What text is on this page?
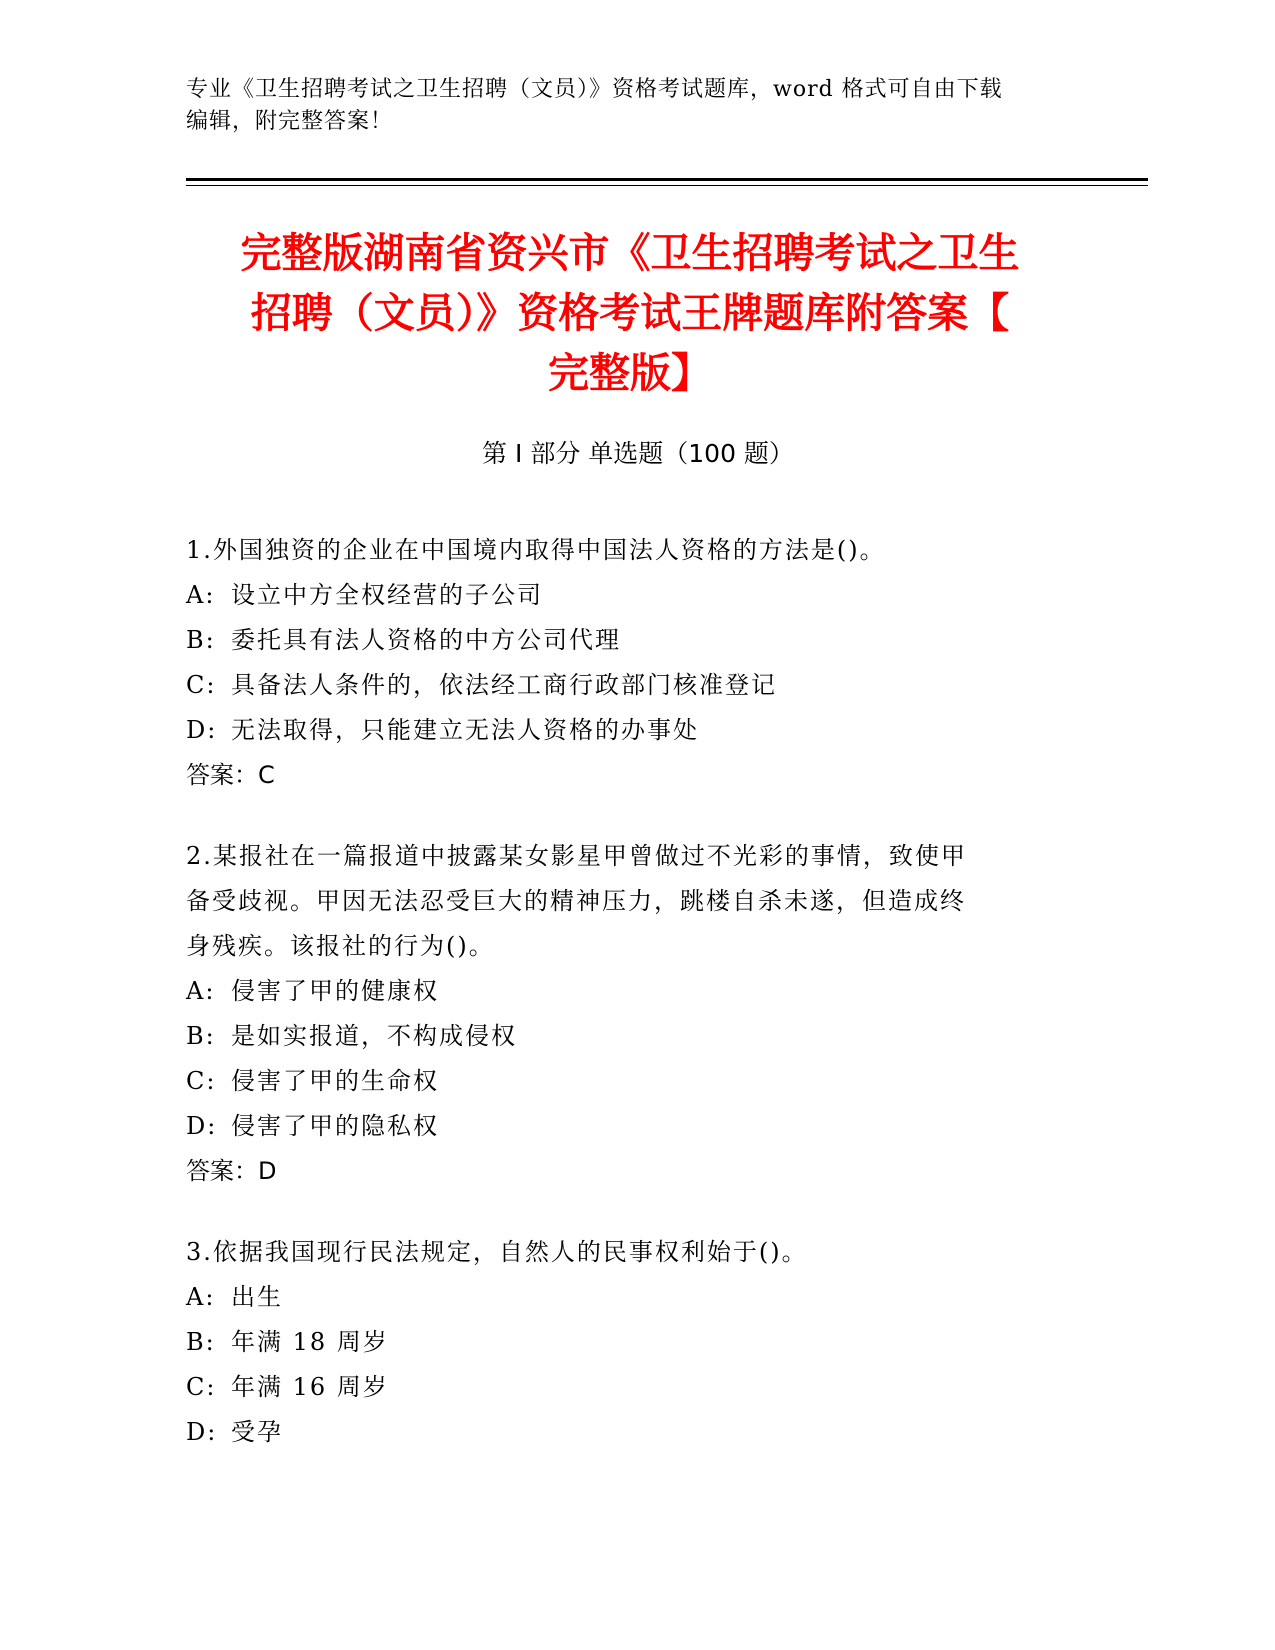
专业《卫生招聘考试之卫生招聘（文员）》资格考试题库，word 格式可自由下载
编辑，附完整答案！
完整版湖南省资兴市《卫生招聘考试之卫生
招聘（文员）》资格考试王牌题库附答案【
完整版】
第 I 部分 单选题（100 题）

1.外国独资的企业在中国境内取得中国法人资格的方法是()。

A: 设立中方全权经营的子公司

B: 委托具有法人资格的中方公司代理

C: 具备法人条件的，依法经工商行政部门核准登记

D: 无法取得，只能建立无法人资格的办事处

答案：C

2.某报社在一篇报道中披露某女影星甲曾做过不光彩的事情，致使甲

备受歧视。甲因无法忍受巨大的精神压力，跳楼自杀未遂，但造成终

身残疾。该报社的行为()。

A: 侵害了甲的健康权

B: 是如实报道，不构成侵权

C: 侵害了甲的生命权

D: 侵害了甲的隐私权

答案：D

3.依据我国现行民法规定，自然人的民事权利始于()。

A: 出生

B: 年满 18 周岁

C: 年满 16 周岁

D: 受孕
